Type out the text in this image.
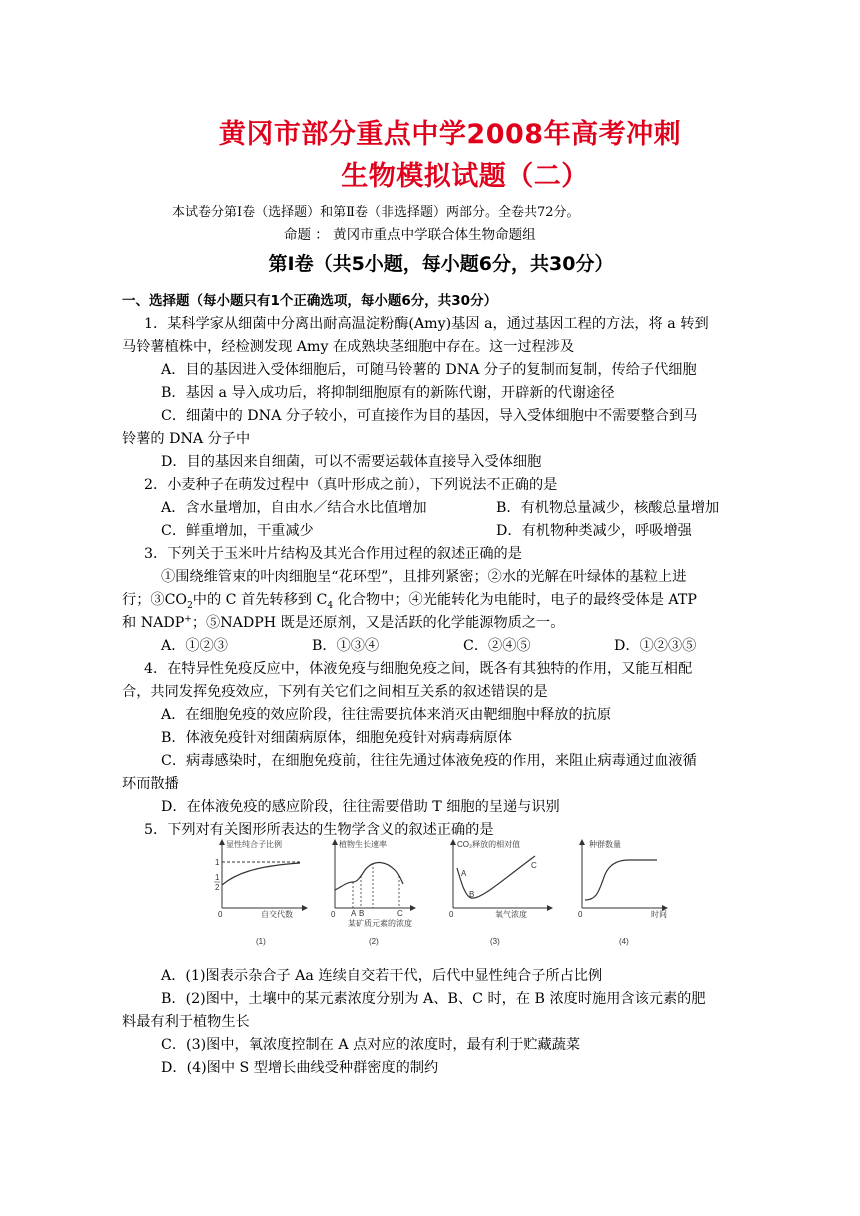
黄冈市部分重点中学2008年高考冲刺
生物模拟试题（二）
本试卷分第Ⅰ卷（选择题）和第Ⅱ卷（非选择题）两部分。全卷共72分。
命题 ： 黄冈市重点中学联合体生物命题组
第Ⅰ卷（共5小题，每小题6分，共30分）
一、选择题（每小题只有1个正确选项，每小题6分，共30分）
1．某科学家从细菌中分离出耐高温淀粉酶(Amy)基因 a，通过基因工程的方法，将 a 转到
马铃薯植株中，经检测发现 Amy 在成熟块茎细胞中存在。这一过程涉及
A．目的基因进入受体细胞后，可随马铃薯的 DNA 分子的复制而复制，传给子代细胞
B．基因 a 导入成功后，将抑制细胞原有的新陈代谢，开辟新的代谢途径
C．细菌中的 DNA 分子较小，可直接作为目的基因，导入受体细胞中不需要整合到马
铃薯的 DNA 分子中
D．目的基因来自细菌，可以不需要运载体直接导入受体细胞
2．小麦种子在萌发过程中（真叶形成之前），下列说法不正确的是
A．含水量增加，自由水／结合水比值增加	B．有机物总量减少，核酸总量增加
C．鲜重增加，干重减少	D．有机物种类减少，呼吸增强
3．下列关于玉米叶片结构及其光合作用过程的叙述正确的是
①围绕维管束的叶肉细胞呈“花环型”，且排列紧密；②水的光解在叶绿体的基粒上进
行；$③CO_2$中的 C 首先转移到 $C_4$ 化合物中；④光能转化为电能时，电子的最终受体是 ATP
和 NADP+；⑤NADPH 既是还原剂，又是活跃的化学能源物质之一。
A．①②③	B．①③④	C．②④⑤	D．①②③⑤
4．在特异性免疫反应中，体液免疫与细胞免疫之间，既各有其独特的作用，又能互相配
合，共同发挥免疫效应，下列有关它们之间相互关系的叙述错误的是
A．在细胞免疫的效应阶段，往往需要抗体来消灭由靶细胞中释放的抗原
B．体液免疫针对细菌病原体，细胞免疫针对病毒病原体
C．病毒感染时，在细胞免疫前，往往先通过体液免疫的作用，来阻止病毒通过血液循
环而散播
D．在体液免疫的感应阶段，往往需要借助 T 细胞的呈递与识别
5．下列对有关图形所表达的生物学含义的叙述正确的是
显性纯合子比例
1
1
2
0	自交代数
(1)
植物生长速率
0 A B	C
某矿质元素的浓度
(2)
CO₂释放的相对值
0
A
B
C
氧气浓度
(3)
种群数量
0	时间
(4)
A．(1)图表示杂合子 Aa 连续自交若干代，后代中显性纯合子所占比例
B．(2)图中，土壤中的某元素浓度分别为 A、B、C 时，在 B 浓度时施用含该元素的肥
料最有利于植物生长
C．(3)图中，氧浓度控制在 A 点对应的浓度时，最有利于贮藏蔬菜
D．(4)图中 S 型增长曲线受种群密度的制约
